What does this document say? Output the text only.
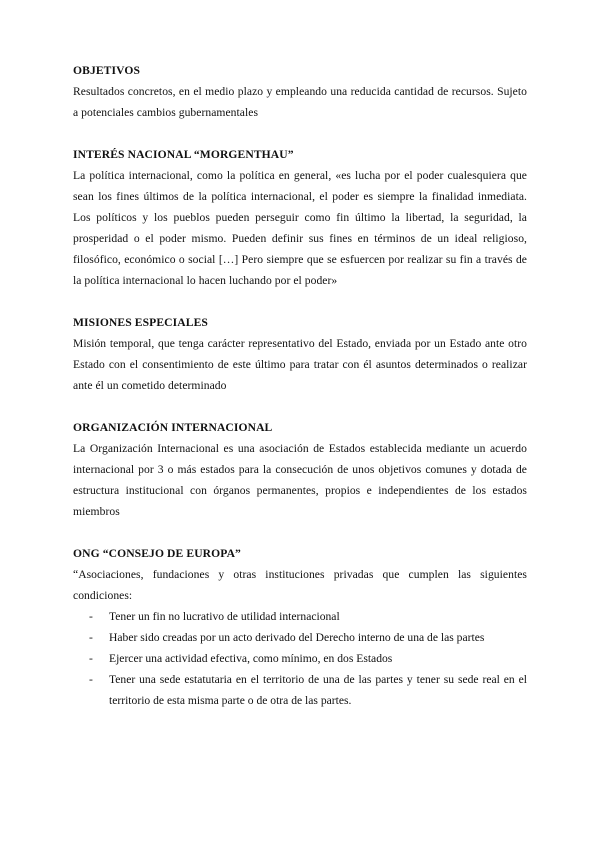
OBJETIVOS

Resultados concretos, en el medio plazo y empleando una reducida cantidad de recursos. Sujeto a potenciales cambios gubernamentales

INTERÉS NACIONAL “MORGENTHAU”

La política internacional, como la política en general, «es lucha por el poder cualesquiera que sean los fines últimos de la política internacional, el poder es siempre la finalidad inmediata. Los políticos y los pueblos pueden perseguir como fin último la libertad, la seguridad, la prosperidad o el poder mismo. Pueden definir sus fines en términos de un ideal religioso, filosófico, económico o social […] Pero siempre que se esfuercen por realizar su fin a través de la política internacional lo hacen luchando por el poder»

MISIONES ESPECIALES

Misión temporal, que tenga carácter representativo del Estado, enviada por un Estado ante otro Estado con el consentimiento de este último para tratar con él asuntos determinados o realizar ante él un cometido determinado

ORGANIZACIÓN INTERNACIONAL

La Organización Internacional es una asociación de Estados establecida mediante un acuerdo internacional por 3 o más estados para la consecución de unos objetivos comunes y dotada de estructura institucional con órganos permanentes, propios e independientes de los estados miembros

ONG “CONSEJO DE EUROPA”

“Asociaciones, fundaciones y otras instituciones privadas que cumplen las siguientes condiciones:

- Tener un fin no lucrativo de utilidad internacional
- Haber sido creadas por un acto derivado del Derecho interno de una de las partes
- Ejercer una actividad efectiva, como mínimo, en dos Estados
- Tener una sede estatutaria en el territorio de una de las partes y tener su sede real en el territorio de esta misma parte o de otra de las partes.
